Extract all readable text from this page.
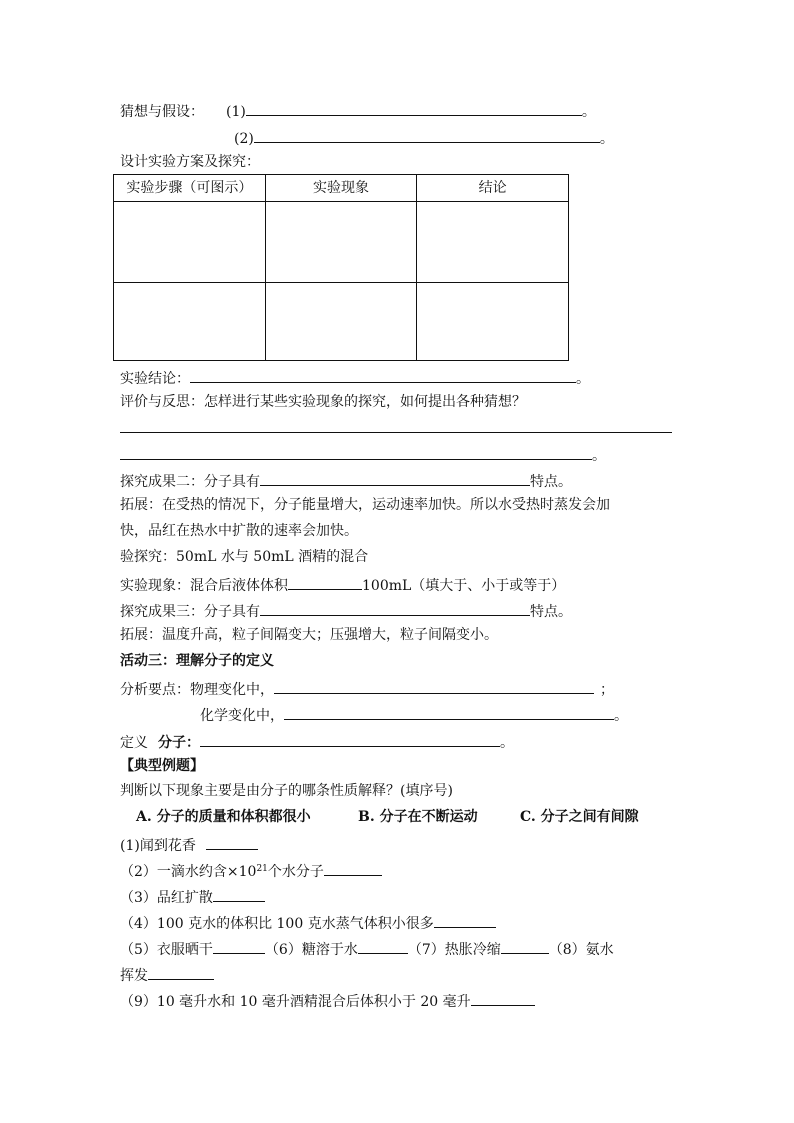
猜想与假设： (1)	。
(2)	。
设计实验方案及探究：
实验步骤（可图示）	实验现象	结论

实验结论：	。
评价与反思：怎样进行某些实验现象的探究，如何提出各种猜想？
。
探究成果二：分子具有	特点。
拓展：在受热的情况下，分子能量增大，运动速率加快。所以水受热时蒸发会加
快，品红在热水中扩散的速率会加快。
验探究：50mL 水与 50mL 酒精的混合
实验现象：混合后液体体积	100mL（填大于、小于或等于）
探究成果三：分子具有	特点。
拓展：温度升高，粒子间隔变大；压强增大，粒子间隔变小。
活动三：理解分子的定义
分析要点：物理变化中，	；
化学变化中，	。
定义 分子：	。
【典型例题】
判断以下现象主要是由分子的哪条性质解释？(填序号)
A. 分子的质量和体积都很小	B. 分子在不断运动	C. 分子之间有间隙
(1)闻到花香
（2）一滴水约含$\times 10^{21}$个水分子
（3）品红扩散
（4）100 克水的体积比 100 克水蒸气体积小很多
（5）衣服晒干	（6）糖溶于水	（7）热胀冷缩	（8）氨水
挥发
（9）10 毫升水和 10 毫升酒精混合后体积小于 20 毫升
